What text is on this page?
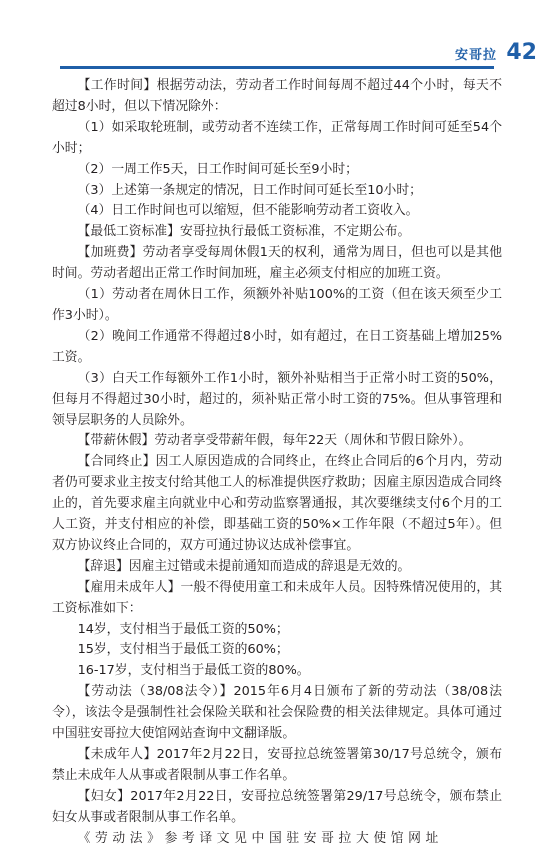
安哥拉 42

【工作时间】根据劳动法，劳动者工作时间每周不超过44个小时，每天不超过8小时，但以下情况除外：

（1）如采取轮班制，或劳动者不连续工作，正常每周工作时间可延至54个小时；

（2）一周工作5天，日工作时间可延长至9小时；

（3）上述第一条规定的情况，日工作时间可延长至10小时；

（4）日工作时间也可以缩短，但不能影响劳动者工资收入。

【最低工资标准】安哥拉执行最低工资标准，不定期公布。

【加班费】劳动者享受每周休假1天的权利，通常为周日，但也可以是其他时间。劳动者超出正常工作时间加班，雇主必须支付相应的加班工资。

（1）劳动者在周休日工作，须额外补贴100%的工资（但在该天须至少工作3小时）。

（2）晚间工作通常不得超过8小时，如有超过，在日工资基础上增加25%工资。

（3）白天工作每额外工作1小时，额外补贴相当于正常小时工资的50%，但每月不得超过30小时，超过的，须补贴正常小时工资的75%。但从事管理和领导层职务的人员除外。

【带薪休假】劳动者享受带薪年假，每年22天（周休和节假日除外）。

【合同终止】因工人原因造成的合同终止，在终止合同后的6个月内，劳动者仍可要求业主按支付给其他工人的标准提供医疗救助；因雇主原因造成合同终止的，首先要求雇主向就业中心和劳动监察署通报，其次要继续支付6个月的工人工资，并支付相应的补偿，即基础工资的50%×工作年限（不超过5年）。但双方协议终止合同的，双方可通过协议达成补偿事宜。

【辞退】因雇主过错或未提前通知而造成的辞退是无效的。

【雇用未成年人】一般不得使用童工和未成年人员。因特殊情况使用的，其工资标准如下：

14岁，支付相当于最低工资的50%；

15岁，支付相当于最低工资的60%；

16-17岁，支付相当于最低工资的80%。

【劳动法（38/08法令）】2015年6月4日颁布了新的劳动法（38/08法令），该法令是强制性社会保险关联和社会保险费的相关法律规定。具体可通过中国驻安哥拉大使馆网站查询中文翻译版。

【未成年人】2017年2月22日，安哥拉总统签署第30/17号总统令，颁布禁止未成年人从事或者限制从事工作名单。

【妇女】2017年2月22日，安哥拉总统签署第29/17号总统令，颁布禁止妇女从事或者限制从事工作名单。

《劳动法》参考译文见中国驻安哥拉大使馆网址
